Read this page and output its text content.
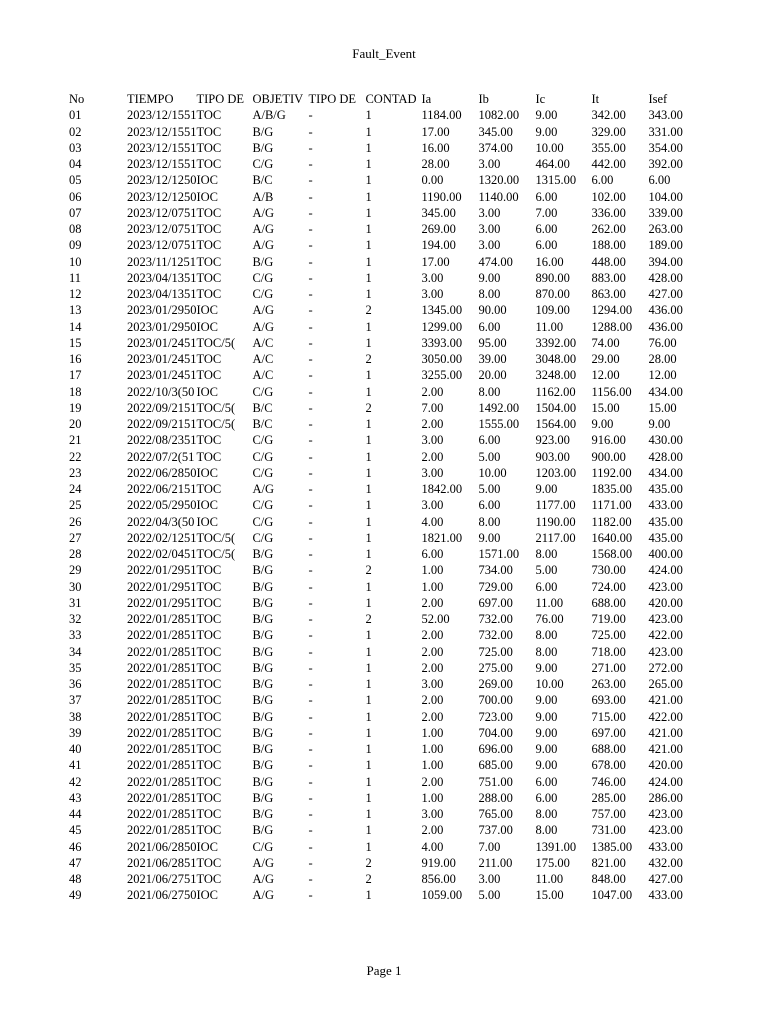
Fault_Event
No	TIEMPO	TIPO DE	OBJETIV	TIPO DE	CONTAD	Ia	Ib	Ic	It	Isef
01	2023/12/1551	TOC	A/B/G	-	1	1184.00	1082.00	9.00	342.00	343.00
02	2023/12/1551	TOC	B/G	-	1	17.00	345.00	9.00	329.00	331.00
03	2023/12/1551	TOC	B/G	-	1	16.00	374.00	10.00	355.00	354.00
04	2023/12/1551	TOC	C/G	-	1	28.00	3.00	464.00	442.00	392.00
05	2023/12/1250	IOC	B/C	-	1	0.00	1320.00	1315.00	6.00	6.00
06	2023/12/1250	IOC	A/B	-	1	1190.00	1140.00	6.00	102.00	104.00
07	2023/12/0751	TOC	A/G	-	1	345.00	3.00	7.00	336.00	339.00
08	2023/12/0751	TOC	A/G	-	1	269.00	3.00	6.00	262.00	263.00
09	2023/12/0751	TOC	A/G	-	1	194.00	3.00	6.00	188.00	189.00
10	2023/11/1251	TOC	B/G	-	1	17.00	474.00	16.00	448.00	394.00
11	2023/04/1351	TOC	C/G	-	1	3.00	9.00	890.00	883.00	428.00
12	2023/04/1351	TOC	C/G	-	1	3.00	8.00	870.00	863.00	427.00
13	2023/01/2950	IOC	A/G	-	2	1345.00	90.00	109.00	1294.00	436.00
14	2023/01/2950	IOC	A/G	-	1	1299.00	6.00	11.00	1288.00	436.00
15	2023/01/2451	TOC/5(	A/C	-	1	3393.00	95.00	3392.00	74.00	76.00
16	2023/01/2451	TOC	A/C	-	2	3050.00	39.00	3048.00	29.00	28.00
17	2023/01/2451	TOC	A/C	-	1	3255.00	20.00	3248.00	12.00	12.00
18	2022/10/3(50	IOC	C/G	-	1	2.00	8.00	1162.00	1156.00	434.00
19	2022/09/2151	TOC/5(	B/C	-	2	7.00	1492.00	1504.00	15.00	15.00
20	2022/09/2151	TOC/5(	B/C	-	1	2.00	1555.00	1564.00	9.00	9.00
21	2022/08/2351	TOC	C/G	-	1	3.00	6.00	923.00	916.00	430.00
22	2022/07/2(51	TOC	C/G	-	1	2.00	5.00	903.00	900.00	428.00
23	2022/06/2850	IOC	C/G	-	1	3.00	10.00	1203.00	1192.00	434.00
24	2022/06/2151	TOC	A/G	-	1	1842.00	5.00	9.00	1835.00	435.00
25	2022/05/2950	IOC	C/G	-	1	3.00	6.00	1177.00	1171.00	433.00
26	2022/04/3(50	IOC	C/G	-	1	4.00	8.00	1190.00	1182.00	435.00
27	2022/02/1251	TOC/5(	C/G	-	1	1821.00	9.00	2117.00	1640.00	435.00
28	2022/02/0451	TOC/5(	B/G	-	1	6.00	1571.00	8.00	1568.00	400.00
29	2022/01/2951	TOC	B/G	-	2	1.00	734.00	5.00	730.00	424.00
30	2022/01/2951	TOC	B/G	-	1	1.00	729.00	6.00	724.00	423.00
31	2022/01/2951	TOC	B/G	-	1	2.00	697.00	11.00	688.00	420.00
32	2022/01/2851	TOC	B/G	-	2	52.00	732.00	76.00	719.00	423.00
33	2022/01/2851	TOC	B/G	-	1	2.00	732.00	8.00	725.00	422.00
34	2022/01/2851	TOC	B/G	-	1	2.00	725.00	8.00	718.00	423.00
35	2022/01/2851	TOC	B/G	-	1	2.00	275.00	9.00	271.00	272.00
36	2022/01/2851	TOC	B/G	-	1	3.00	269.00	10.00	263.00	265.00
37	2022/01/2851	TOC	B/G	-	1	2.00	700.00	9.00	693.00	421.00
38	2022/01/2851	TOC	B/G	-	1	2.00	723.00	9.00	715.00	422.00
39	2022/01/2851	TOC	B/G	-	1	1.00	704.00	9.00	697.00	421.00
40	2022/01/2851	TOC	B/G	-	1	1.00	696.00	9.00	688.00	421.00
41	2022/01/2851	TOC	B/G	-	1	1.00	685.00	9.00	678.00	420.00
42	2022/01/2851	TOC	B/G	-	1	2.00	751.00	6.00	746.00	424.00
43	2022/01/2851	TOC	B/G	-	1	1.00	288.00	6.00	285.00	286.00
44	2022/01/2851	TOC	B/G	-	1	3.00	765.00	8.00	757.00	423.00
45	2022/01/2851	TOC	B/G	-	1	2.00	737.00	8.00	731.00	423.00
46	2021/06/2850	IOC	C/G	-	1	4.00	7.00	1391.00	1385.00	433.00
47	2021/06/2851	TOC	A/G	-	2	919.00	211.00	175.00	821.00	432.00
48	2021/06/2751	TOC	A/G	-	2	856.00	3.00	11.00	848.00	427.00
49	2021/06/2750	IOC	A/G	-	1	1059.00	5.00	15.00	1047.00	433.00
Page 1
